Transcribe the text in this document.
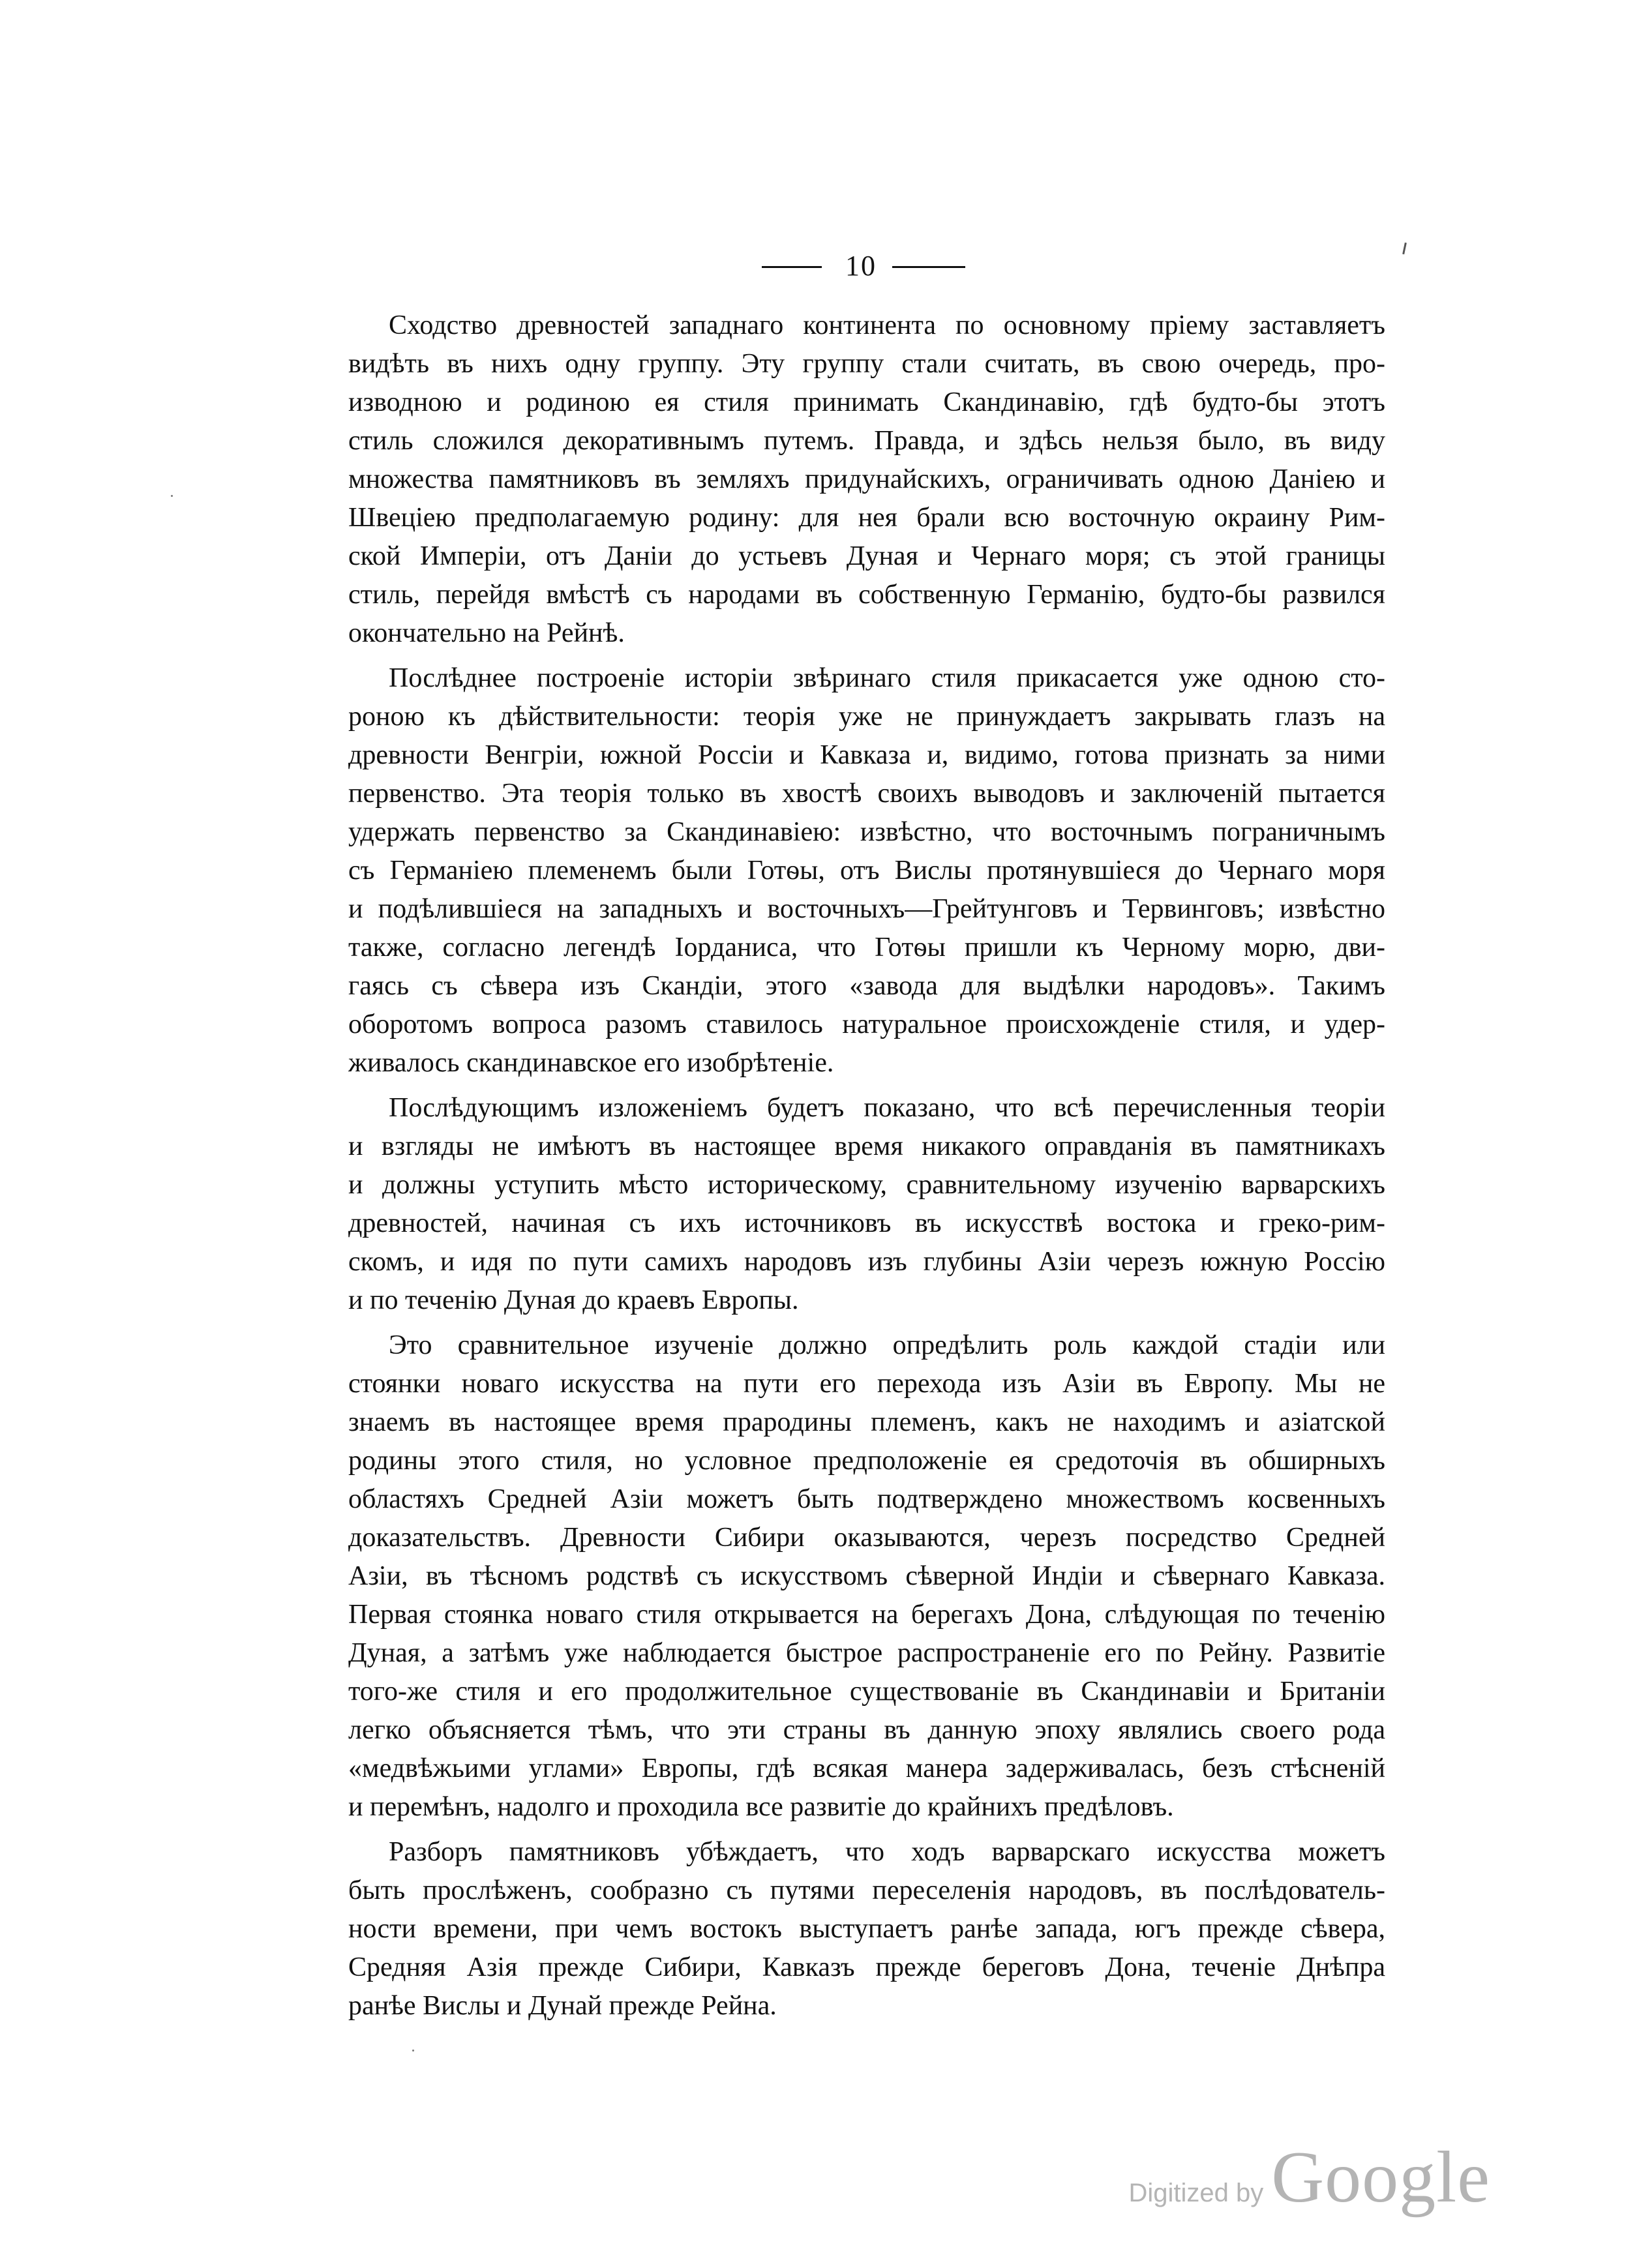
10
Сходство древностей западнаго континента по основному пріему заставляетъ
видѣть въ нихъ одну группу. Эту группу стали считать, въ свою очередь, про-
изводною и родиною ея стиля принимать Скандинавію, гдѣ будто-бы этотъ
стиль сложился декоративнымъ путемъ. Правда, и здѣсь нельзя было, въ виду
множества памятниковъ въ земляхъ придунайскихъ, ограничивать одною Даніею и
Швеціею предполагаемую родину: для нея брали всю восточную окраину Рим-
ской Имперіи, отъ Даніи до устьевъ Дуная и Чернаго моря; съ этой границы
стиль, перейдя вмѣстѣ съ народами въ собственную Германію, будто-бы развился
окончательно на Рейнѣ.
Послѣднее построеніе исторіи звѣринаго стиля прикасается уже одною сто-
роною къ дѣйствительности: теорія уже не принуждаетъ закрывать глазъ на
древности Венгріи, южной Россіи и Кавказа и, видимо, готова признать за ними
первенство. Эта теорія только въ хвостѣ своихъ выводовъ и заключеній пытается
удержать первенство за Скандинавіею: извѣстно, что восточнымъ пограничнымъ
съ Германіею племенемъ были Готѳы, отъ Вислы протянувшіеся до Чернаго моря
и подѣлившіеся на западныхъ и восточныхъ—Грейтунговъ и Тервинговъ; извѣстно
также, согласно легендѣ Іорданиса, что Готѳы пришли къ Черному морю, дви-
гаясь съ сѣвера изъ Скандіи, этого «завода для выдѣлки народовъ». Такимъ
оборотомъ вопроса разомъ ставилось натуральное происхожденіе стиля, и удер-
живалось скандинавское его изобрѣтеніе.
Послѣдующимъ изложеніемъ будетъ показано, что всѣ перечисленныя теоріи
и взгляды не имѣютъ въ настоящее время никакого оправданія въ памятникахъ
и должны уступить мѣсто историческому, сравнительному изученію варварскихъ
древностей, начиная съ ихъ источниковъ въ искусствѣ востока и греко-рим-
скомъ, и идя по пути самихъ народовъ изъ глубины Азіи черезъ южную Россію
и по теченію Дуная до краевъ Европы.
Это сравнительное изученіе должно опредѣлить роль каждой стадіи или
стоянки новаго искусства на пути его перехода изъ Азіи въ Европу. Мы не
знаемъ въ настоящее время прародины племенъ, какъ не находимъ и азіатской
родины этого стиля, но условное предположеніе ея средоточія въ обширныхъ
областяхъ Средней Азіи можетъ быть подтверждено множествомъ косвенныхъ
доказательствъ. Древности Сибири оказываются, черезъ посредство Средней
Азіи, въ тѣсномъ родствѣ съ искусствомъ сѣверной Индіи и сѣвернаго Кавказа.
Первая стоянка новаго стиля открывается на берегахъ Дона, слѣдующая по теченію
Дуная, а затѣмъ уже наблюдается быстрое распространеніе его по Рейну. Развитіе
того-же стиля и его продолжительное существованіе въ Скандинавіи и Британіи
легко объясняется тѣмъ, что эти страны въ данную эпоху являлись своего рода
«медвѣжьими углами» Европы, гдѣ всякая манера задерживалась, безъ стѣсненій
и перемѣнъ, надолго и проходила все развитіе до крайнихъ предѣловъ.
Разборъ памятниковъ убѣждаетъ, что ходъ варварскаго искусства можетъ
быть прослѣженъ, сообразно съ путями переселенія народовъ, въ послѣдователь-
ности времени, при чемъ востокъ выступаетъ ранѣе запада, югъ прежде сѣвера,
Средняя Азія прежде Сибири, Кавказъ прежде береговъ Дона, теченіе Днѣпра
ранѣе Вислы и Дунай прежде Рейна.
Digitized by Google
